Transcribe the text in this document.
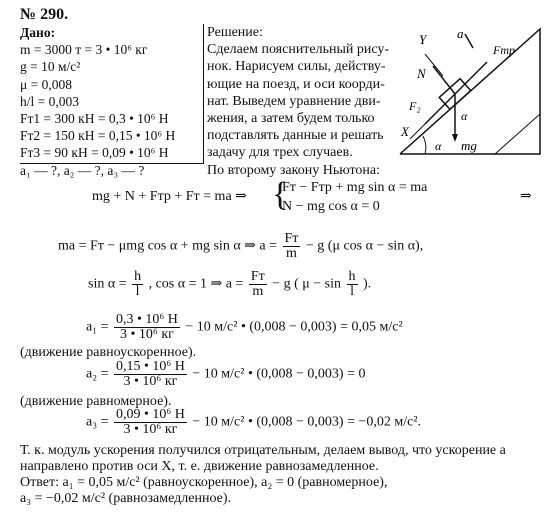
№ 290.
Дано:
m = 3000 т = 3 • 10⁶ кг
g = 10 м/с²
μ = 0,008
h/l = 0,003
Fт1 = 300 кН = 0,3 • 10⁶ Н
Fт2 = 150 кН = 0,15 • 10⁶ Н
Fт3 = 90 кН = 0,09 • 10⁶ Н
a₁ — ?, a₂ — ?, a₃ — ?
Решение:
Сделаем пояснительный рису-
нок. Нарисуем силы, действу-
ющие на поезд, и оси коорди-
нат. Выведем уравнение дви-
жения, а затем будем только
подставлять данные и решать
задачу для трех случаев.
По второму закону Ньютона:
Y
X
a
Fтр
N
F₂
α
α
mg
mg + N + Fтр + Fт = ma ⇒
Fт − Fтр + mg sin α = ma
N − mg cos α = 0
{	⇒
ma = Fт − μmg cos α + mg sin α ⇒ $a = \frac{Fт}{m} - g$ (μ cos α − sin α),
$\sin \alpha = \frac{h}{l}$ , cos α = 1 ⇒ $a = \frac{Fт}{m} - g$ ( $\mu - \sin \frac{h}{l}$ ).
$a_1 = \frac{\text{0,3 • 10⁶ Н}}{\text{3 • 10⁶ кг}} - 10$ м/с² • (0,008 − 0,003) = 0,05 м/с²
(движение равноускоренное).
$a_2 = \frac{\text{0,15 • 10⁶ Н}}{\text{3 • 10⁶ кг}} - 10$ м/с² • (0,008 − 0,003) = 0
(движение равномерное).
$a_3 = \frac{\text{0,09 • 10⁶ Н}}{\text{3 • 10⁶ кг}} - 10$ м/с² • (0,008 − 0,003) = −0,02 м/с².
Т. к. модуль ускорения получился отрицательным, делаем вывод, что ускорение a направлено против оси X, т. е. движение равнозамедленное.
Ответ: a₁ = 0,05 м/с² (равноускоренное), a₂ = 0 (равномерное),
a₃ = −0,02 м/с² (равнозамедленное).
